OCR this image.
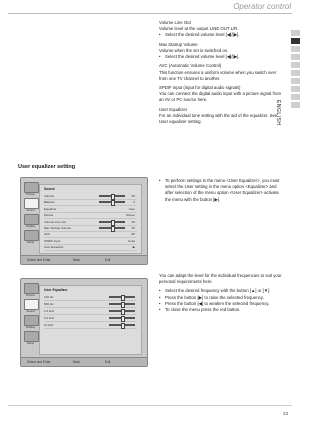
Operator control
ENGLISH
Volume Line Out
Volume level at the output LINE OUT L/R.
•	Select the desired volume level [◀]/[▶].
Max Startup Volume
Volume when the set is switched on.
•	Select the desired volume level [◀]/[▶].
AVC (Automatic Volume Control)
This function ensures a uniform volume when you switch over from one TV channel to another.
SPDIF input (input for digital audio signals)
You can connect the digital audio input with a picture signal from an AV or PC source here.
User Equalizer
For an individual tone setting with the aid of the equalizer. See User equalizer setting.
User equalizer setting
•	To perform settings in the menu <User Equalizer>, you must select the User setting in the menu option <Equalizer> and after selection of the menu option <User Equalizer> activate the menu with the button [▶].
You can adapt the level for the individual frequencies to suit your personal requirements here.
•	Select the desired frequency with the button [▲] or [▼].
•	Press the button [▶] to raise the selected frequency.
•	Press the button [◀] to weaken the selected frequency.
•	To close the menu press the red button.
Picture
Sound
Display
Setup
Sound
Volume	50
Balance	0
Equalizer	User
Modus	Stereo
Volume Line Out	50
Max Startup Volume	50
AVC	Off
SPDIF Input	Coax
User Equalizer	▶
Select and Enter	Back	Exit
Picture
Sound
Display
Setup
User Equalizer
120 Hz
500 Hz
1.5 kHz
5.0 kHz
10 kHz
Select and Enter	Back	Exit
23
